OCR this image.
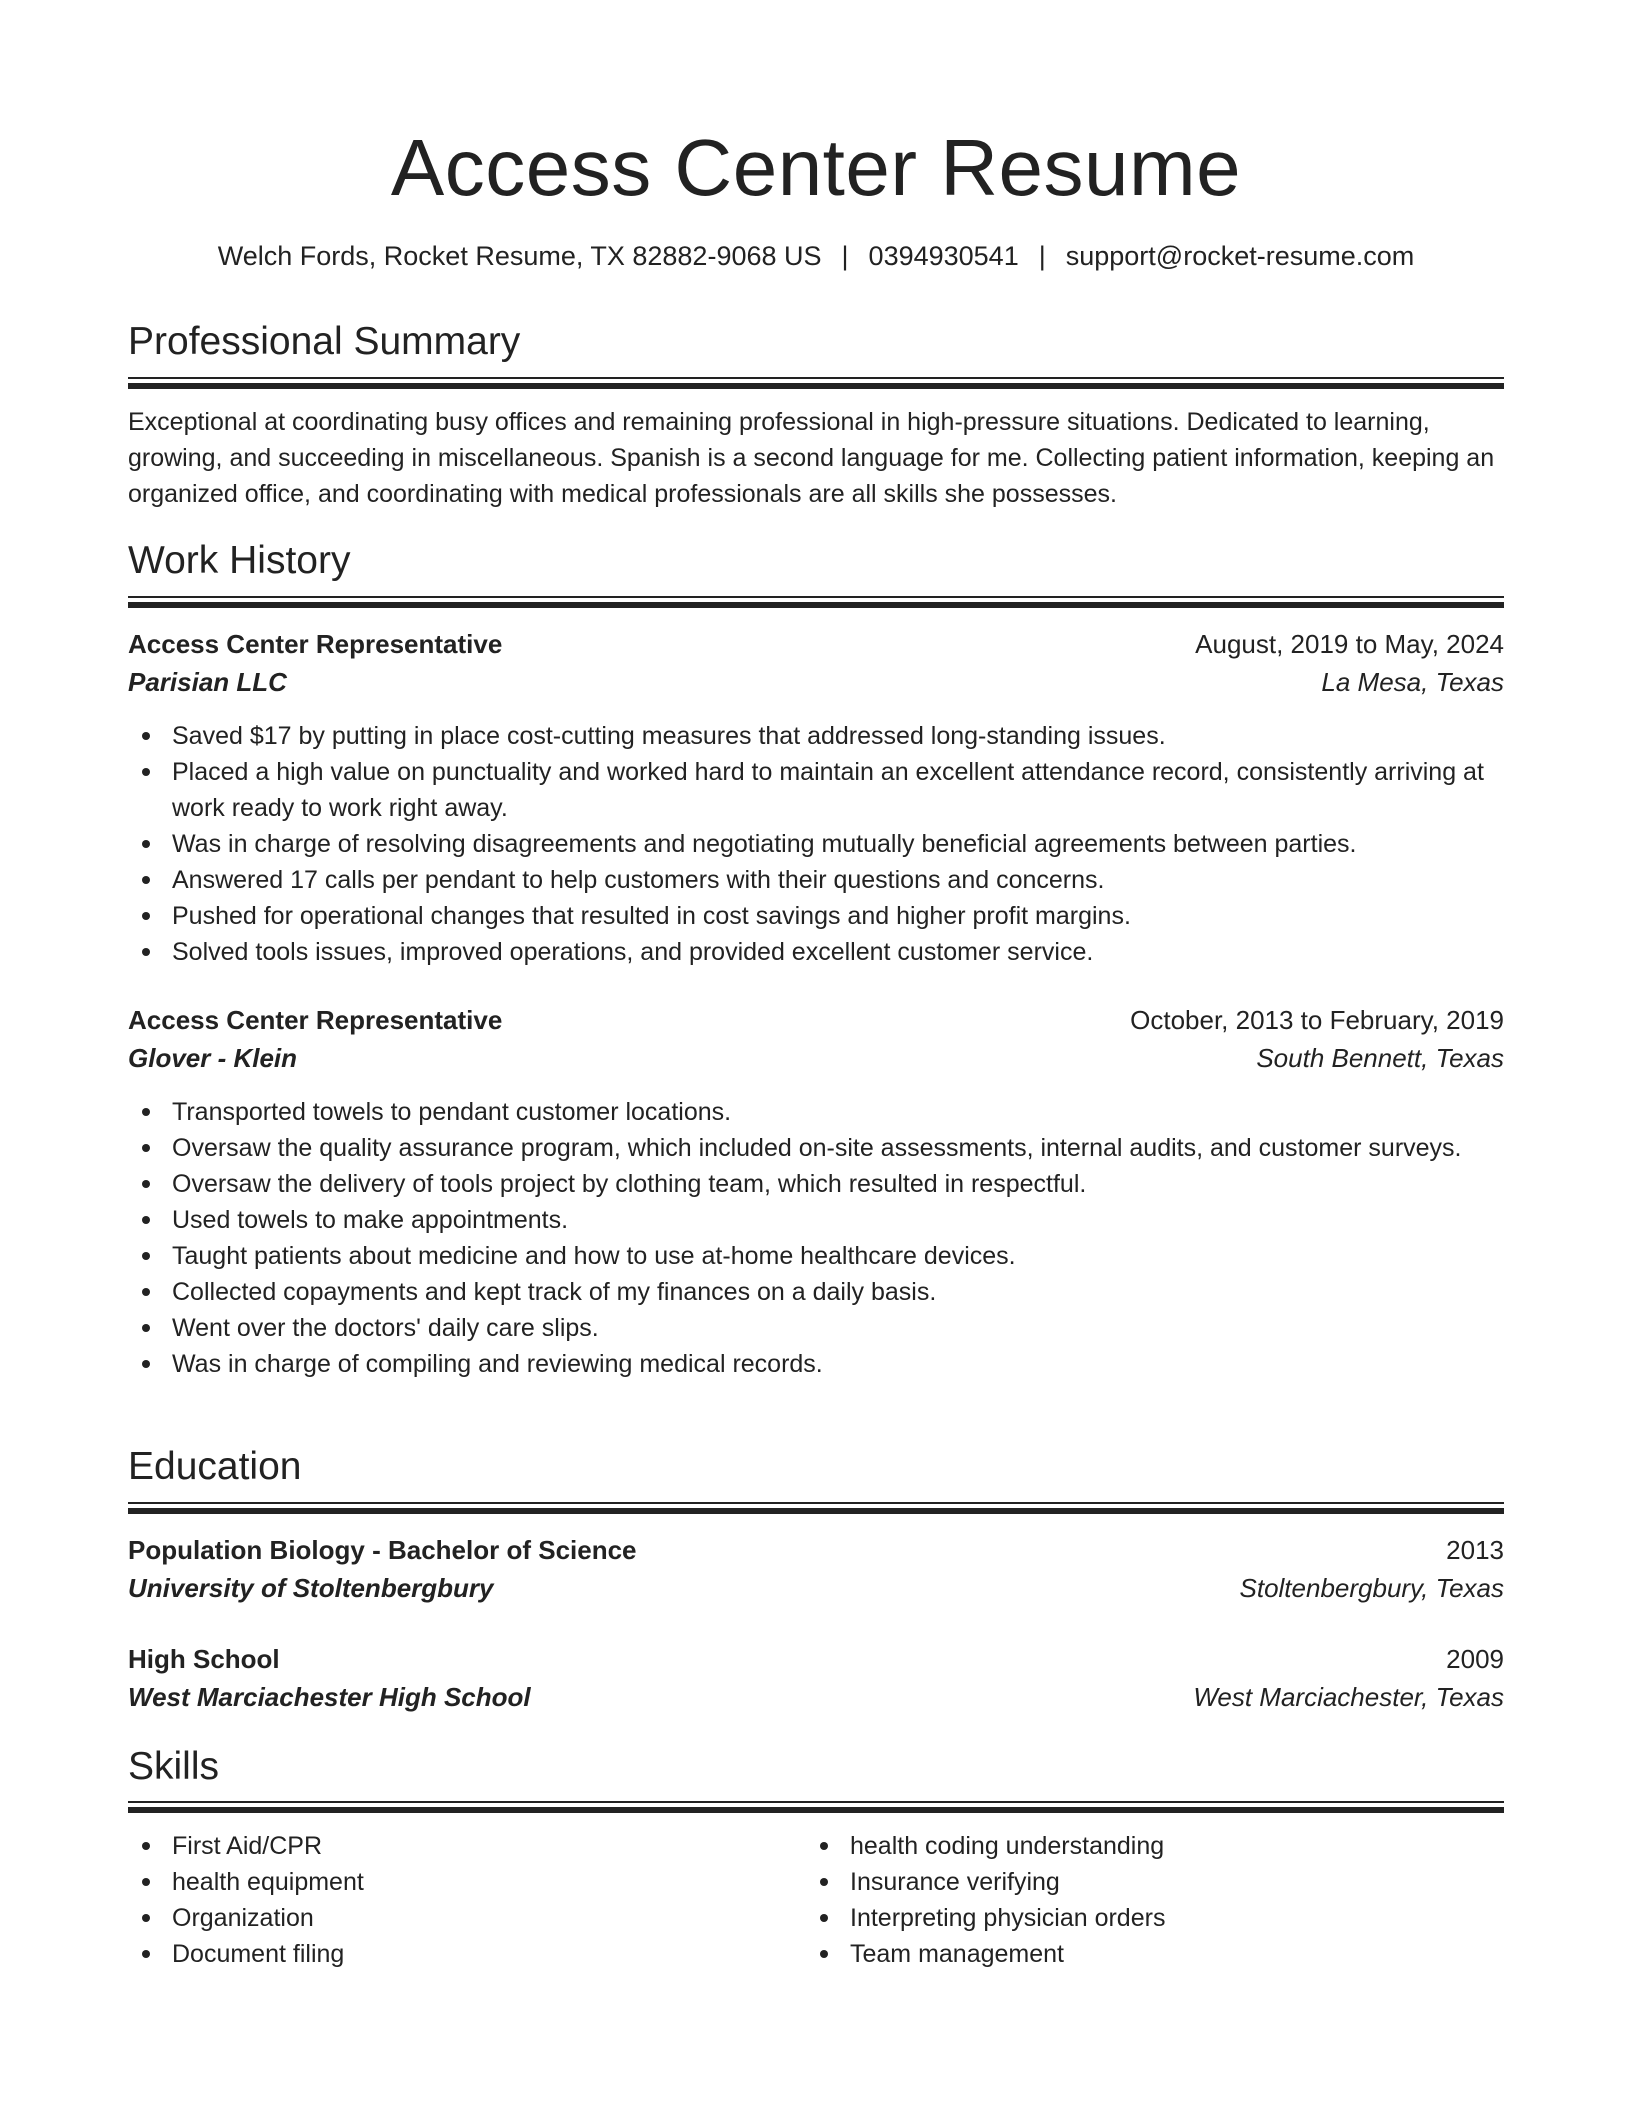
Access Center Resume
Welch Fords, Rocket Resume, TX 82882-9068 US | 0394930541 | support@rocket-resume.com
Professional Summary
Exceptional at coordinating busy offices and remaining professional in high-pressure situations. Dedicated to learning, growing, and succeeding in miscellaneous. Spanish is a second language for me. Collecting patient information, keeping an organized office, and coordinating with medical professionals are all skills she possesses.
Work History
Access Center Representative	August, 2019 to May, 2024
Parisian LLC	La Mesa, Texas
Saved $17 by putting in place cost-cutting measures that addressed long-standing issues.
Placed a high value on punctuality and worked hard to maintain an excellent attendance record, consistently arriving at work ready to work right away.
Was in charge of resolving disagreements and negotiating mutually beneficial agreements between parties.
Answered 17 calls per pendant to help customers with their questions and concerns.
Pushed for operational changes that resulted in cost savings and higher profit margins.
Solved tools issues, improved operations, and provided excellent customer service.
Access Center Representative	October, 2013 to February, 2019
Glover - Klein	South Bennett, Texas
Transported towels to pendant customer locations.
Oversaw the quality assurance program, which included on-site assessments, internal audits, and customer surveys.
Oversaw the delivery of tools project by clothing team, which resulted in respectful.
Used towels to make appointments.
Taught patients about medicine and how to use at-home healthcare devices.
Collected copayments and kept track of my finances on a daily basis.
Went over the doctors' daily care slips.
Was in charge of compiling and reviewing medical records.
Education
Population Biology - Bachelor of Science	2013
University of Stoltenbergbury	Stoltenbergbury, Texas
High School	2009
West Marciachester High School	West Marciachester, Texas
Skills
First Aid/CPR
health equipment
Organization
Document filing
health coding understanding
Insurance verifying
Interpreting physician orders
Team management
